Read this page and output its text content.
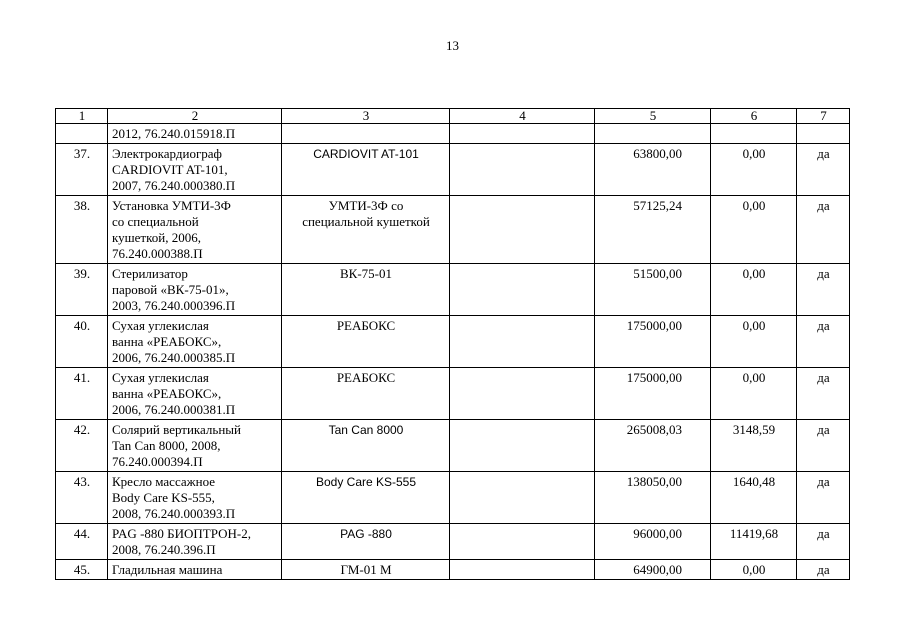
13
1	2	3	4	5	6	7
	2012, 76.240.015918.П					
37.	Электрокардиограф
CARDIOVIT AT-101,
2007, 76.240.000380.П	CARDIOVIT AT-101		63800,00	0,00	да
38.	Установка УМТИ-3Ф
со специальной
кушеткой, 2006,
76.240.000388.П	УМТИ-3Ф со
специальной кушеткой		57125,24	0,00	да
39.	Стерилизатор
паровой «ВК-75-01»,
2003, 76.240.000396.П	ВК-75-01		51500,00	0,00	да
40.	Сухая углекислая
ванна «РЕАБОКС»,
2006, 76.240.000385.П	РЕАБОКС		175000,00	0,00	да
41.	Сухая углекислая
ванна «РЕАБОКС»,
2006, 76.240.000381.П	РЕАБОКС		175000,00	0,00	да
42.	Солярий вертикальный
Tan Can 8000, 2008,
76.240.000394.П	Tan Can 8000		265008,03	3148,59	да
43.	Кресло массажное
Body Care KS-555,
2008, 76.240.000393.П	Body Care KS-555		138050,00	1640,48	да
44.	PAG -880 БИОПТРОН-2,
2008, 76.240.396.П	PAG -880		96000,00	11419,68	да
45.	Гладильная машина	ГМ-01 М		64900,00	0,00	да
